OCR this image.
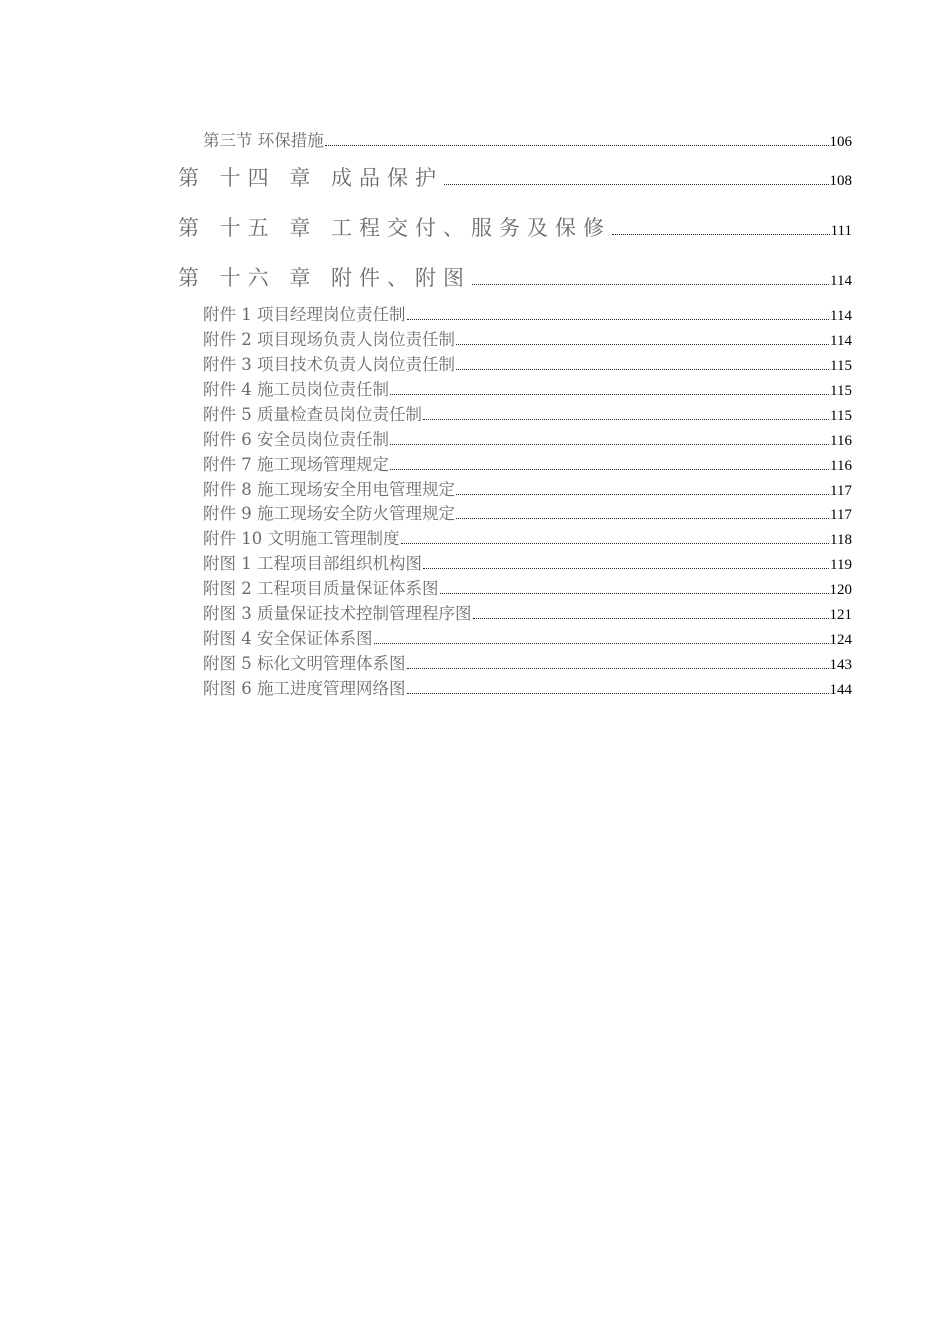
第三节 环保措施	106
第 十四 章 成品保护	108
第 十五 章 工程交付、服务及保修	111
第 十六 章 附件、附图	114
附件 1 项目经理岗位责任制	114
附件 2 项目现场负责人岗位责任制	114
附件 3 项目技术负责人岗位责任制	115
附件 4 施工员岗位责任制	115
附件 5 质量检查员岗位责任制	115
附件 6 安全员岗位责任制	116
附件 7 施工现场管理规定	116
附件 8 施工现场安全用电管理规定	117
附件 9 施工现场安全防火管理规定	117
附件 10 文明施工管理制度	118
附图 1 工程项目部组织机构图	119
附图 2 工程项目质量保证体系图	120
附图 3 质量保证技术控制管理程序图	121
附图 4 安全保证体系图	124
附图 5 标化文明管理体系图	143
附图 6 施工进度管理网络图	144
